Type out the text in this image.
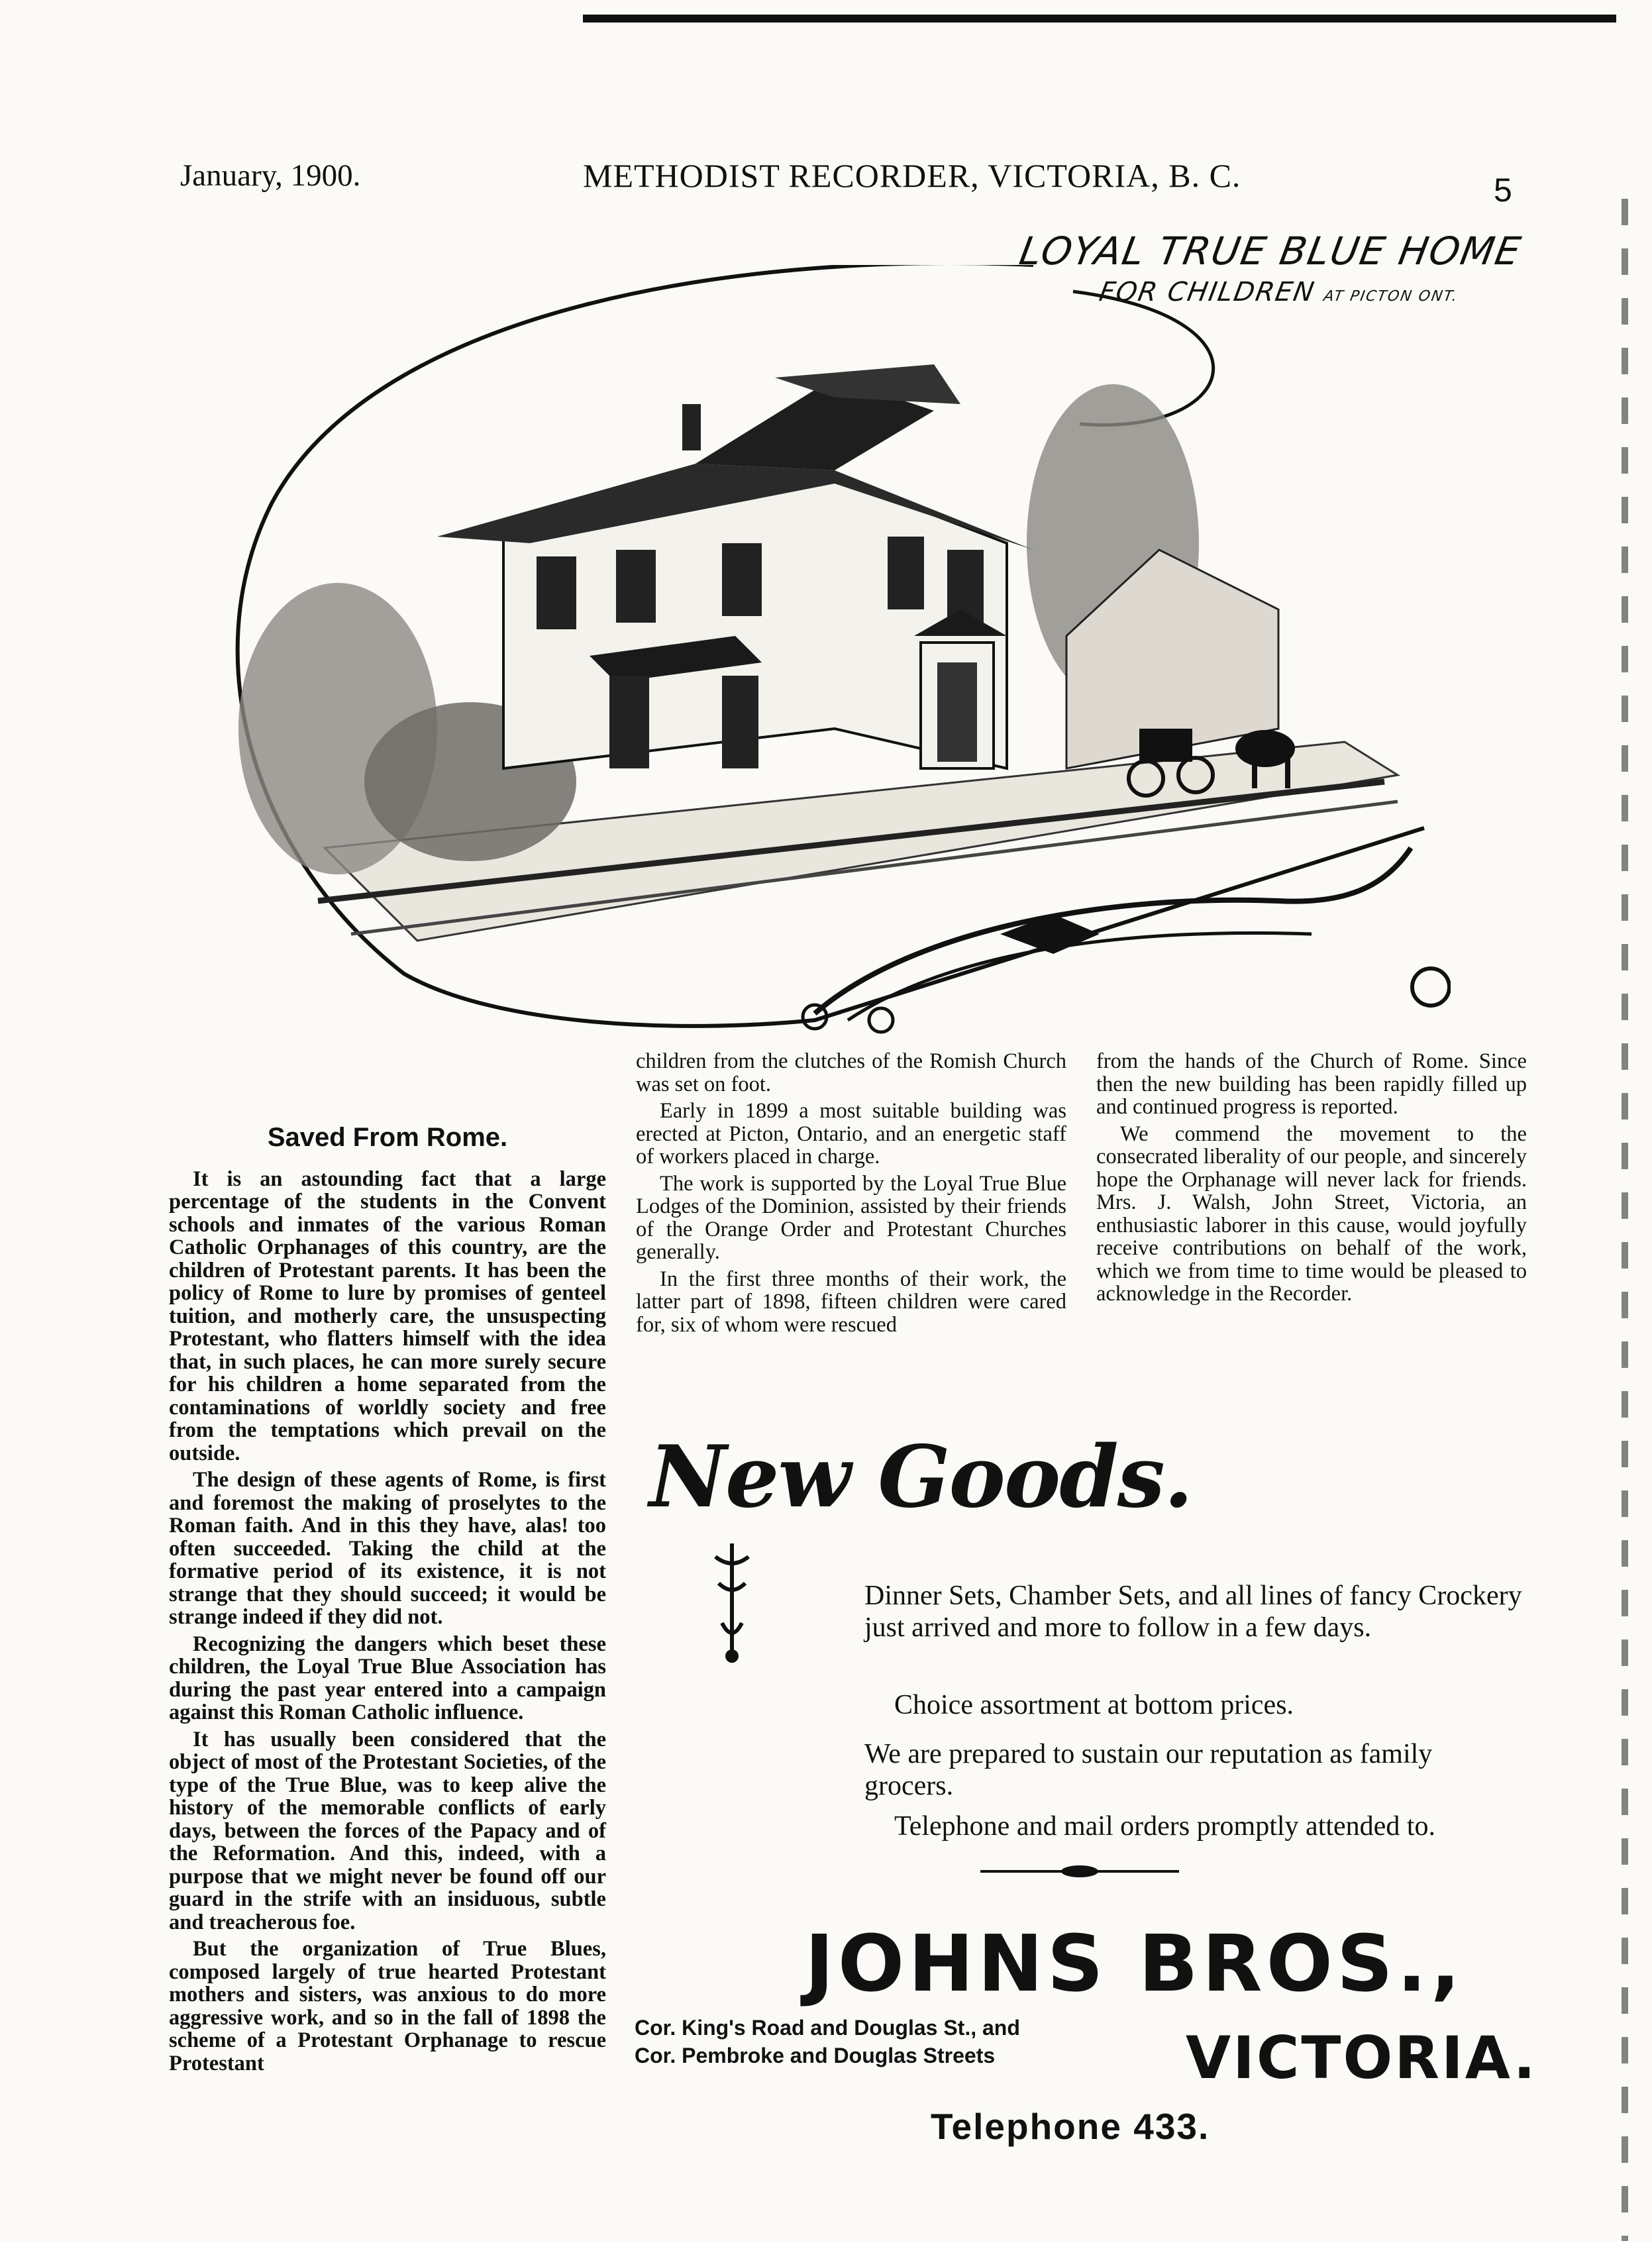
January, 1900.	METHODIST RECORDER, VICTORIA, B. C.	5
LOYAL TRUE BLUE HOME
FOR CHILDREN AT PICTON ONT.
Saved From Rome.

It is an astounding fact that a large percentage of the students in the Convent schools and inmates of the various Roman Catholic Orphanages of this country, are the children of Protestant parents. It has been the policy of Rome to lure by promises of genteel tuition, and motherly care, the unsuspecting Protestant, who flatters himself with the idea that, in such places, he can more surely secure for his children a home separated from the contaminations of worldly society and free from the temptations which prevail on the outside.

The design of these agents of Rome, is first and foremost the making of proselytes to the Roman faith. And in this they have, alas! too often succeeded. Taking the child at the formative period of its existence, it is not strange that they should succeed; it would be strange indeed if they did not.

Recognizing the dangers which beset these children, the Loyal True Blue Association has during the past year entered into a campaign against this Roman Catholic influence.

It has usually been considered that the object of most of the Protestant Societies, of the type of the True Blue, was to keep alive the history of the memorable conflicts of early days, between the forces of the Papacy and of the Reformation. And this, indeed, with a purpose that we might never be found off our guard in the strife with an insiduous, subtle and treacherous foe.

But the organization of True Blues, composed largely of true hearted Protestant mothers and sisters, was anxious to do more aggressive work, and so in the fall of 1898 the scheme of a Protestant Orphanage to rescue Protestant

children from the clutches of the Romish Church was set on foot.

Early in 1899 a most suitable building was erected at Picton, Ontario, and an energetic staff of workers placed in charge.

The work is supported by the Loyal True Blue Lodges of the Dominion, assisted by their friends of the Orange Order and Protestant Churches generally.

In the first three months of their work, the latter part of 1898, fifteen children were cared for, six of whom were rescued

from the hands of the Church of Rome. Since then the new building has been rapidly filled up and continued progress is reported.

We commend the movement to the consecrated liberality of our people, and sincerely hope the Orphanage will never lack for friends. Mrs. J. Walsh, John Street, Victoria, an enthusiastic laborer in this cause, would joyfully receive contributions on behalf of the work, which we from time to time would be pleased to acknowledge in the Recorder.

New Goods.
Dinner Sets, Chamber Sets, and all lines of fancy Crockery just arrived and more to follow in a few days.
Choice assortment at bottom prices.
We are prepared to sustain our reputation as family grocers.
Telephone and mail orders promptly attended to.
JOHNS BROS.,
Cor. King's Road and Douglas St., and
Cor. Pembroke and Douglas Streets	VICTORIA.
Telephone 433.
